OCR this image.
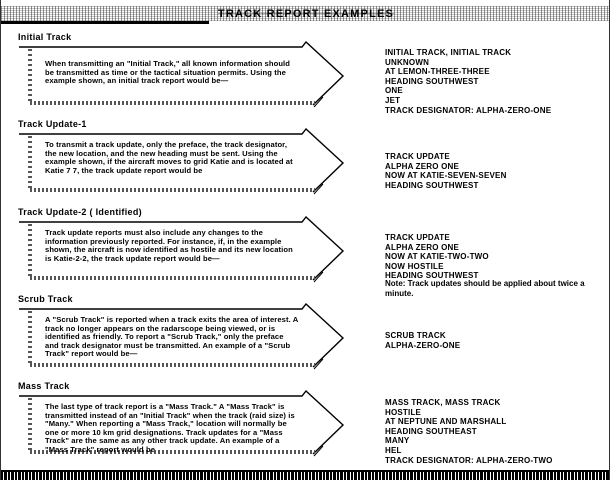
TRACK REPORT EXAMPLES
Initial Track
When transmitting an "Initial Track," all known information should be transmitted as time or the tactical situation permits. Using the example shown, an initial track report would be—
INITIAL TRACK, INITIAL TRACK
UNKNOWN
AT LEMON-THREE-THREE
HEADING SOUTHWEST
ONE
JET
TRACK DESIGNATOR: ALPHA-ZERO-ONE
Track Update-1
To transmit a track update, only the preface, the track designator, the new location, and the new heading must be sent. Using the example shown, if the aircraft moves to grid Katie and is located at Katie 7 7, the track update report would be
TRACK UPDATE
ALPHA ZERO ONE
NOW AT KATIE-SEVEN-SEVEN
HEADING SOUTHWEST
Track Update-2 ( Identified)
Track update reports must also include any changes to the information previously reported. For instance, if, in the example shown, the aircraft is now identified as hostile and its new location is Katie-2-2, the track update report would be—
TRACK UPDATE
ALPHA ZERO ONE
NOW AT KATIE-TWO-TWO
NOW HOSTILE
HEADING SOUTHWEST
Note: Track updates should be applied about twice a minute.
Scrub Track
A "Scrub Track" is reported when a track exits the area of interest. A track no longer appears on the radarscope being viewed, or is identified as friendly. To report a "Scrub Track," only the preface and track designator must be transmitted. An example of a "Scrub Track" report would be—
SCRUB TRACK
ALPHA-ZERO-ONE
Mass Track
The last type of track report is a "Mass Track." A "Mass Track" is transmitted instead of an "Initial Track" when the track (raid size) is "Many." When reporting a "Mass Track," location will normally be one or more 10 km grid designations. Track updates for a "Mass Track" are the same as any other track update. An example of a "Mass Track" report would be
MASS TRACK, MASS TRACK
HOSTILE
AT NEPTUNE AND MARSHALL
HEADING SOUTHEAST
MANY
HEL
TRACK DESIGNATOR: ALPHA-ZERO-TWO
